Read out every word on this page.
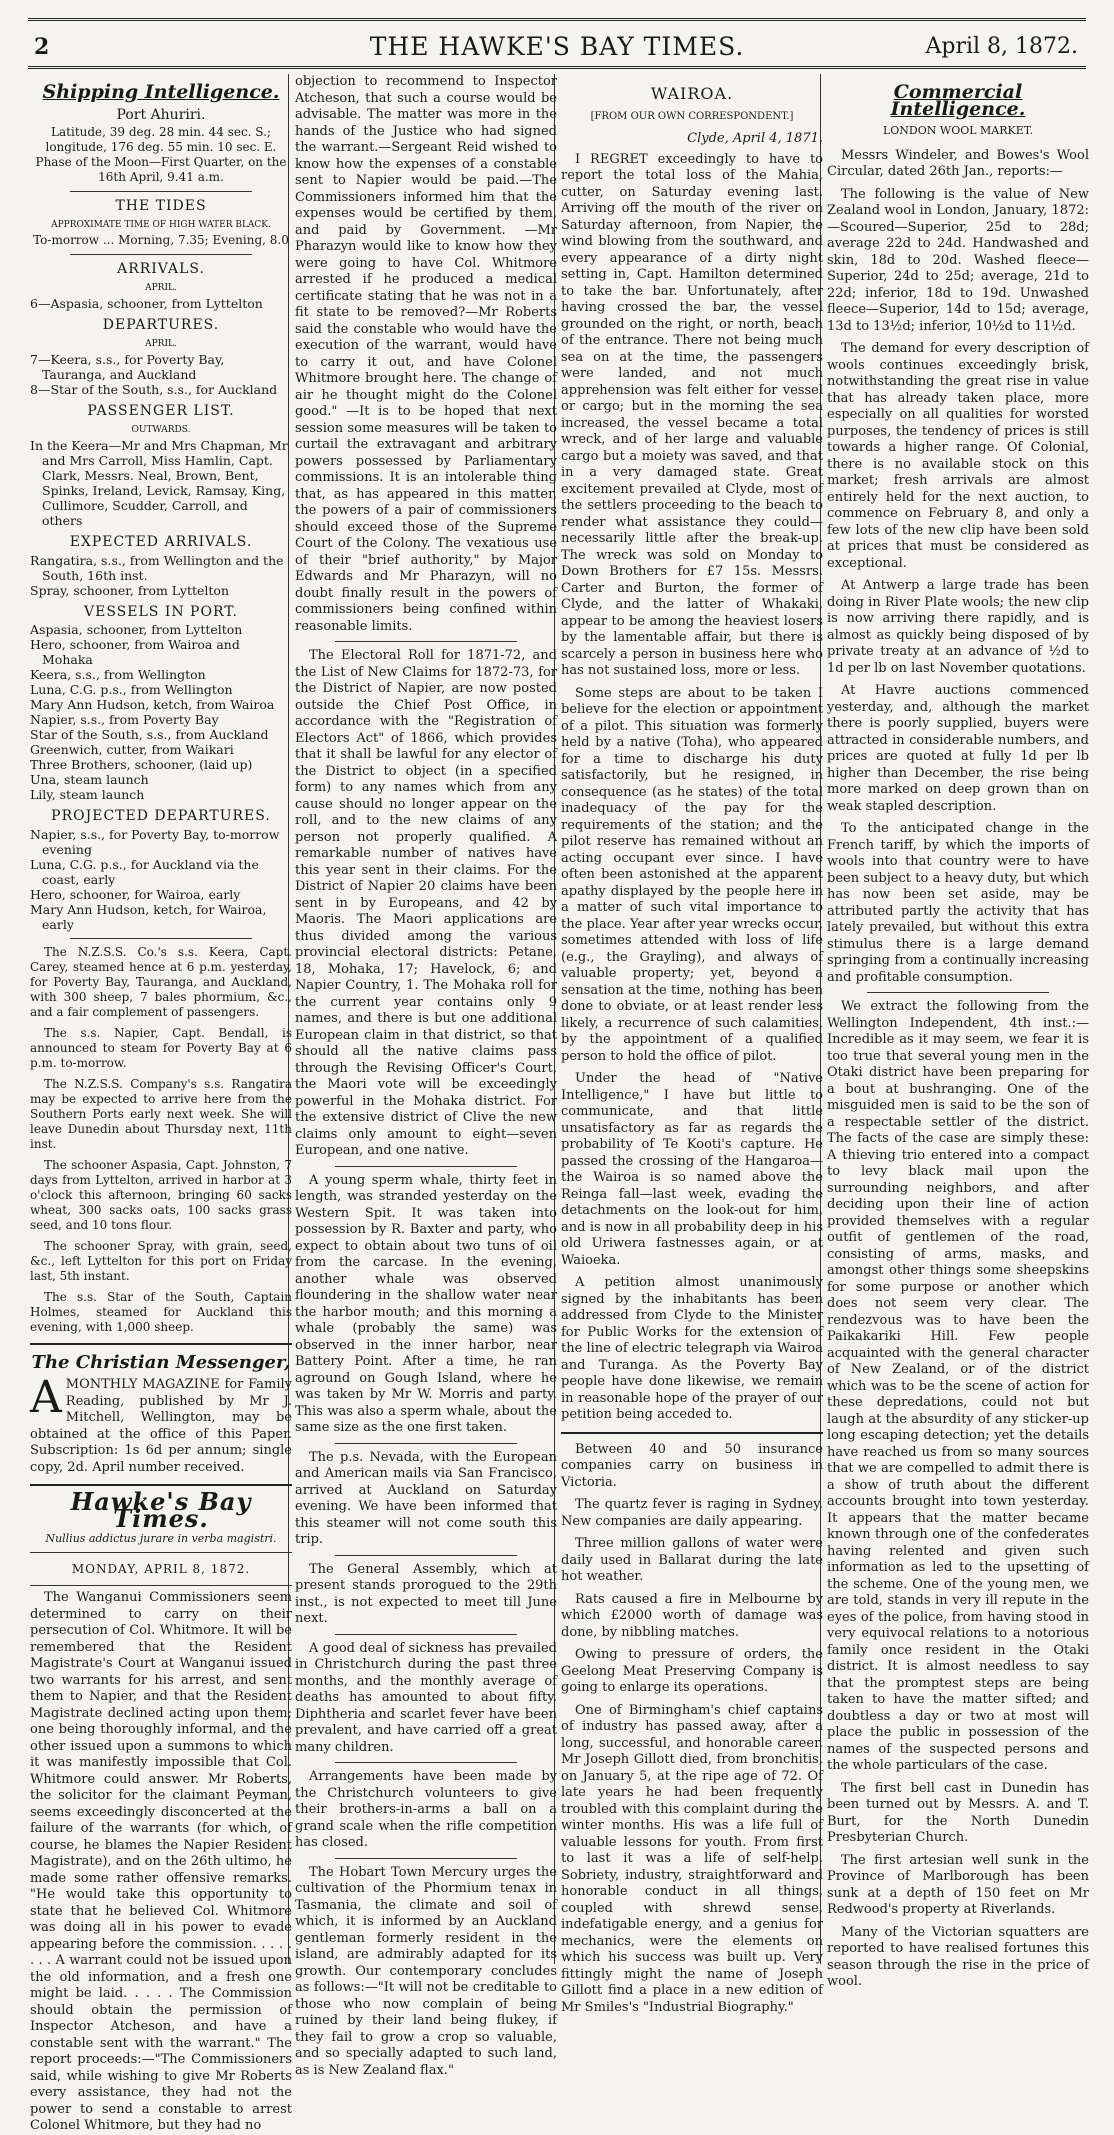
2	THE HAWKE'S BAY TIMES.	April 8, 1872.
Shipping Intelligence.
Port Ahuriri.
Latitude, 39 deg. 28 min. 44 sec. S.; longitude, 176 deg. 55 min. 10 sec. E.
Phase of the Moon—First Quarter, on the 16th April, 9.41 a.m.
THE TIDES
APPROXIMATE TIME OF HIGH WATER BLACK.
To-morrow ... Morning, 7.35; Evening, 8.0
ARRIVALS.
APRIL.
6—Aspasia, schooner, from Lyttelton
DEPARTURES.
APRIL.
7—Keera, s.s., for Poverty Bay, Tauranga, and Auckland
8—Star of the South, s.s., for Auckland
PASSENGER LIST.
OUTWARDS.
In the Keera—Mr and Mrs Chapman, Mr and Mrs Carroll, Miss Hamlin, Capt. Clark, Messrs. Neal, Brown, Bent, Spinks, Ireland, Levick, Ramsay, King, Cullimore, Scudder, Carroll, and others
EXPECTED ARRIVALS.
Rangatira, s.s., from Wellington and the South, 16th inst.
Spray, schooner, from Lyttelton
VESSELS IN PORT.
Aspasia, schooner, from Lyttelton
Hero, schooner, from Wairoa and Mohaka
Keera, s.s., from Wellington
Luna, C.G. p.s., from Wellington
Mary Ann Hudson, ketch, from Wairoa
Napier, s.s., from Poverty Bay
Star of the South, s.s., from Auckland
Greenwich, cutter, from Waikari
Three Brothers, schooner, (laid up)
Una, steam launch
Lily, steam launch
PROJECTED DEPARTURES.
Napier, s.s., for Poverty Bay, to-morrow evening
Luna, C.G. p.s., for Auckland via the coast, early
Hero, schooner, for Wairoa, early
Mary Ann Hudson, ketch, for Wairoa, early

The N.Z.S.S. Co.'s s.s. Keera, Capt. Carey, steamed hence at 6 p.m. yesterday, for Poverty Bay, Tauranga, and Auckland, with 300 sheep, 7 bales phormium, &c., and a fair complement of passengers.

The s.s. Napier, Capt. Bendall, is announced to steam for Poverty Bay at 6 p.m. to-morrow.

The N.Z.S.S. Company's s.s. Rangatira may be expected to arrive here from the Southern Ports early next week. She will leave Dunedin about Thursday next, 11th inst.

The schooner Aspasia, Capt. Johnston, 7 days from Lyttelton, arrived in harbor at 3 o'clock this afternoon, bringing 60 sacks wheat, 300 sacks oats, 100 sacks grass seed, and 10 tons flour.

The schooner Spray, with grain, seed, &c., left Lyttelton for this port on Friday last, 5th instant.

The s.s. Star of the South, Captain Holmes, steamed for Auckland this evening, with 1,000 sheep.

The Christian Messenger,
A MONTHLY MAGAZINE for Family Reading, published by Mr J. Mitchell, Wellington, may be obtained at the office of this Paper. Subscription: 1s 6d per annum; single copy, 2d. April number received.

Hawke's Bay Times.
Nullius addictus jurare in verba magistri.
MONDAY, APRIL 8, 1872.

The Wanganui Commissioners seem determined to carry on their persecution of Col. Whitmore. It will be remembered that the Resident Magistrate's Court at Wanganui issued two warrants for his arrest, and sent them to Napier, and that the Resident Magistrate declined acting upon them; one being thoroughly informal, and the other issued upon a summons to which it was manifestly impossible that Col. Whitmore could answer. Mr Roberts, the solicitor for the claimant Peyman, seems exceedingly disconcerted at the failure of the warrants (for which, of course, he blames the Napier Resident Magistrate), and on the 26th ultimo, he made some rather offensive remarks. "He would take this opportunity to state that he believed Col. Whitmore was doing all in his power to evade appearing before the commission. . . . . . . . A warrant could not be issued upon the old information, and a fresh one might be laid. . . . . The Commission should obtain the permission of Inspector Atcheson, and have a constable sent with the warrant." The report proceeds:—"The Commissioners said, while wishing to give Mr Roberts every assistance, they had not the power to send a constable to arrest Colonel Whitmore, but they had no

objection to recommend to Inspector Atcheson, that such a course would be advisable. The matter was more in the hands of the Justice who had signed the warrant.—Sergeant Reid wished to know how the expenses of a constable sent to Napier would be paid.—The Commissioners informed him that the expenses would be certified by them, and paid by Government. —Mr Pharazyn would like to know how they were going to have Col. Whitmore arrested if he produced a medical certificate stating that he was not in a fit state to be removed?—Mr Roberts said the constable who would have the execution of the warrant, would have to carry it out, and have Colonel Whitmore brought here. The change of air he thought might do the Colonel good." —It is to be hoped that next session some measures will be taken to curtail the extravagant and arbitrary powers possessed by Parliamentary commissions. It is an intolerable thing that, as has appeared in this matter, the powers of a pair of commissioners should exceed those of the Supreme Court of the Colony. The vexatious use of their "brief authority," by Major Edwards and Mr Pharazyn, will no doubt finally result in the powers of commissioners being confined within reasonable limits.

The Electoral Roll for 1871-72, and the List of New Claims for 1872-73, for the District of Napier, are now posted outside the Chief Post Office, in accordance with the "Registration of Electors Act" of 1866, which provides that it shall be lawful for any elector of the District to object (in a specified form) to any names which from any cause should no longer appear on the roll, and to the new claims of any person not properly qualified. A remarkable number of natives have this year sent in their claims. For the District of Napier 20 claims have been sent in by Europeans, and 42 by Maoris. The Maori applications are thus divided among the various provincial electoral districts: Petane, 18, Mohaka, 17; Havelock, 6; and Napier Country, 1. The Mohaka roll for the current year contains only 9 names, and there is but one additional European claim in that district, so that should all the native claims pass through the Revising Officer's Court, the Maori vote will be exceedingly powerful in the Mohaka district. For the extensive district of Clive the new claims only amount to eight—seven European, and one native.

A young sperm whale, thirty feet in length, was stranded yesterday on the Western Spit. It was taken into possession by R. Baxter and party, who expect to obtain about two tuns of oil from the carcase. In the evening, another whale was observed floundering in the shallow water near the harbor mouth; and this morning a whale (probably the same) was observed in the inner harbor, near Battery Point. After a time, he ran aground on Gough Island, where he was taken by Mr W. Morris and party. This was also a sperm whale, about the same size as the one first taken.

The p.s. Nevada, with the European and American mails via San Francisco, arrived at Auckland on Saturday evening. We have been informed that this steamer will not come south this trip.

The General Assembly, which at present stands prorogued to the 29th inst., is not expected to meet till June next.

A good deal of sickness has prevailed in Christchurch during the past three months, and the monthly average of deaths has amounted to about fifty. Diphtheria and scarlet fever have been prevalent, and have carried off a great many children.

Arrangements have been made by the Christchurch volunteers to give their brothers-in-arms a ball on a grand scale when the rifle competition has closed.

The Hobart Town Mercury urges the cultivation of the Phormium tenax in Tasmania, the climate and soil of which, it is informed by an Auckland gentleman formerly resident in the island, are admirably adapted for its growth. Our contemporary concludes as follows:—"It will not be creditable to those who now complain of being ruined by their land being flukey, if they fail to grow a crop so valuable, and so specially adapted to such land, as is New Zealand flax."

WAIROA.
[FROM OUR OWN CORRESPONDENT.]
Clyde, April 4, 1871.

I REGRET exceedingly to have to report the total loss of the Mahia, cutter, on Saturday evening last. Arriving off the mouth of the river on Saturday afternoon, from Napier, the wind blowing from the southward, and every appearance of a dirty night setting in, Capt. Hamilton determined to take the bar. Unfortunately, after having crossed the bar, the vessel grounded on the right, or north, beach of the entrance. There not being much sea on at the time, the passengers were landed, and not much apprehension was felt either for vessel or cargo; but in the morning the sea increased, the vessel became a total wreck, and of her large and valuable cargo but a moiety was saved, and that in a very damaged state. Great excitement prevailed at Clyde, most of the settlers proceeding to the beach to render what assistance they could—necessarily little after the break-up. The wreck was sold on Monday to Down Brothers for £7 15s. Messrs. Carter and Burton, the former of Clyde, and the latter of Whakaki, appear to be among the heaviest losers by the lamentable affair, but there is scarcely a person in business here who has not sustained loss, more or less.

Some steps are about to be taken I believe for the election or appointment of a pilot. This situation was formerly held by a native (Toha), who appeared for a time to discharge his duty satisfactorily, but he resigned, in consequence (as he states) of the total inadequacy of the pay for the requirements of the station; and the pilot reserve has remained without an acting occupant ever since. I have often been astonished at the apparent apathy displayed by the people here in a matter of such vital importance to the place. Year after year wrecks occur, sometimes attended with loss of life (e.g., the Grayling), and always of valuable property; yet, beyond a sensation at the time, nothing has been done to obviate, or at least render less likely, a recurrence of such calamities, by the appointment of a qualified person to hold the office of pilot.

Under the head of "Native Intelligence," I have but little to communicate, and that little unsatisfactory as far as regards the probability of Te Kooti's capture. He passed the crossing of the Hangaroa—the Wairoa is so named above the Reinga fall—last week, evading the detachments on the look-out for him, and is now in all probability deep in his old Uriwera fastnesses again, or at Waioeka.

A petition almost unanimously signed by the inhabitants has been addressed from Clyde to the Minister for Public Works for the extension of the line of electric telegraph via Wairoa and Turanga. As the Poverty Bay people have done likewise, we remain in reasonable hope of the prayer of our petition being acceded to.

Between 40 and 50 insurance companies carry on business in Victoria.

The quartz fever is raging in Sydney. New companies are daily appearing.

Three million gallons of water were daily used in Ballarat during the late hot weather.

Rats caused a fire in Melbourne by which £2000 worth of damage was done, by nibbling matches.

Owing to pressure of orders, the Geelong Meat Preserving Company is going to enlarge its operations.

One of Birmingham's chief captains of industry has passed away, after a long, successful, and honorable career. Mr Joseph Gillott died, from bronchitis, on January 5, at the ripe age of 72. Of late years he had been frequently troubled with this complaint during the winter months. His was a life full of valuable lessons for youth. From first to last it was a life of self-help. Sobriety, industry, straightforward and honorable conduct in all things, coupled with shrewd sense, indefatigable energy, and a genius for mechanics, were the elements on which his success was built up. Very fittingly might the name of Joseph Gillott find a place in a new edition of Mr Smiles's "Industrial Biography."

Commercial Intelligence.
LONDON WOOL MARKET.

Messrs Windeler, and Bowes's Wool Circular, dated 26th Jan., reports:—

The following is the value of New Zealand wool in London, January, 1872:—Scoured—Superior, 25d to 28d; average 22d to 24d. Handwashed and skin, 18d to 20d. Washed fleece—Superior, 24d to 25d; average, 21d to 22d; inferior, 18d to 19d. Unwashed fleece—Superior, 14d to 15d; average, 13d to 13½d; inferior, 10½d to 11½d.

The demand for every description of wools continues exceedingly brisk, notwithstanding the great rise in value that has already taken place, more especially on all qualities for worsted purposes, the tendency of prices is still towards a higher range. Of Colonial, there is no available stock on this market; fresh arrivals are almost entirely held for the next auction, to commence on February 8, and only a few lots of the new clip have been sold at prices that must be considered as exceptional.

At Antwerp a large trade has been doing in River Plate wools; the new clip is now arriving there rapidly, and is almost as quickly being disposed of by private treaty at an advance of ½d to 1d per lb on last November quotations.

At Havre auctions commenced yesterday, and, although the market there is poorly supplied, buyers were attracted in considerable numbers, and prices are quoted at fully 1d per lb higher than December, the rise being more marked on deep grown than on weak stapled description.

To the anticipated change in the French tariff, by which the imports of wools into that country were to have been subject to a heavy duty, but which has now been set aside, may be attributed partly the activity that has lately prevailed, but without this extra stimulus there is a large demand springing from a continually increasing and profitable consumption.

We extract the following from the Wellington Independent, 4th inst.:—Incredible as it may seem, we fear it is too true that several young men in the Otaki district have been preparing for a bout at bushranging. One of the misguided men is said to be the son of a respectable settler of the district. The facts of the case are simply these: A thieving trio entered into a compact to levy black mail upon the surrounding neighbors, and after deciding upon their line of action provided themselves with a regular outfit of gentlemen of the road, consisting of arms, masks, and amongst other things some sheepskins for some purpose or another which does not seem very clear. The rendezvous was to have been the Paikakariki Hill. Few people acquainted with the general character of New Zealand, or of the district which was to be the scene of action for these depredations, could not but laugh at the absurdity of any sticker-up long escaping detection; yet the details have reached us from so many sources that we are compelled to admit there is a show of truth about the different accounts brought into town yesterday. It appears that the matter became known through one of the confederates having relented and given such information as led to the upsetting of the scheme. One of the young men, we are told, stands in very ill repute in the eyes of the police, from having stood in very equivocal relations to a notorious family once resident in the Otaki district. It is almost needless to say that the promptest steps are being taken to have the matter sifted; and doubtless a day or two at most will place the public in possession of the names of the suspected persons and the whole particulars of the case.

The first bell cast in Dunedin has been turned out by Messrs. A. and T. Burt, for the North Dunedin Presbyterian Church.

The first artesian well sunk in the Province of Marlborough has been sunk at a depth of 150 feet on Mr Redwood's property at Riverlands.

Many of the Victorian squatters are reported to have realised fortunes this season through the rise in the price of wool.
